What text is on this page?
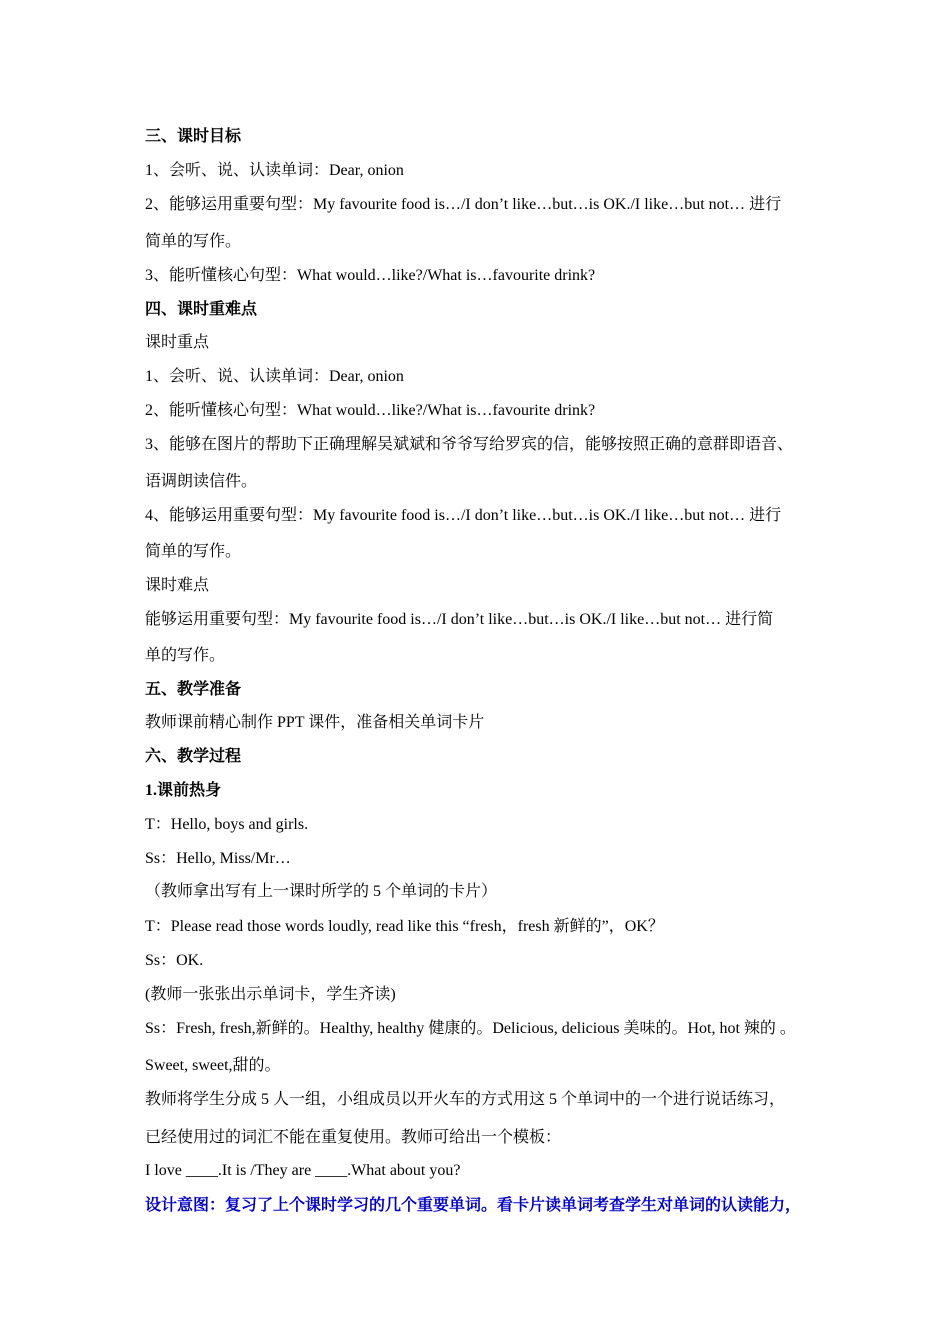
三、课时目标
1、会听、说、认读单词：Dear, onion
2、能够运用重要句型：My favourite food is…/I don’t like…but…is OK./I like…but not… 进行
简单的写作。
3、能听懂核心句型：What would…like?/What is…favourite drink?
四、课时重难点
课时重点
1、会听、说、认读单词：Dear, onion
2、能听懂核心句型：What would…like?/What is…favourite drink?
3、能够在图片的帮助下正确理解吴斌斌和爷爷写给罗宾的信，能够按照正确的意群即语音、
语调朗读信件。
4、能够运用重要句型：My favourite food is…/I don’t like…but…is OK./I like…but not… 进行
简单的写作。
课时难点
能够运用重要句型：My favourite food is…/I don’t like…but…is OK./I like…but not… 进行简
单的写作。
五、教学准备
教师课前精心制作 PPT 课件，准备相关单词卡片
六、教学过程
1.课前热身
T：Hello, boys and girls.
Ss：Hello, Miss/Mr…
（教师拿出写有上一课时所学的 5 个单词的卡片）
T：Please read those words loudly, read like this “fresh，fresh 新鲜的”，OK？
Ss：OK.
(教师一张张出示单词卡，学生齐读)
Ss：Fresh, fresh,新鲜的。Healthy, healthy 健康的。Delicious, delicious 美味的。Hot, hot 辣的 。
Sweet, sweet,甜的。
教师将学生分成 5 人一组，小组成员以开火车的方式用这 5 个单词中的一个进行说话练习，
已经使用过的词汇不能在重复使用。教师可给出一个模板：
I love ____.It is /They are ____.What about you?
设计意图：复习了上个课时学习的几个重要单词。看卡片读单词考查学生对单词的认读能力，
